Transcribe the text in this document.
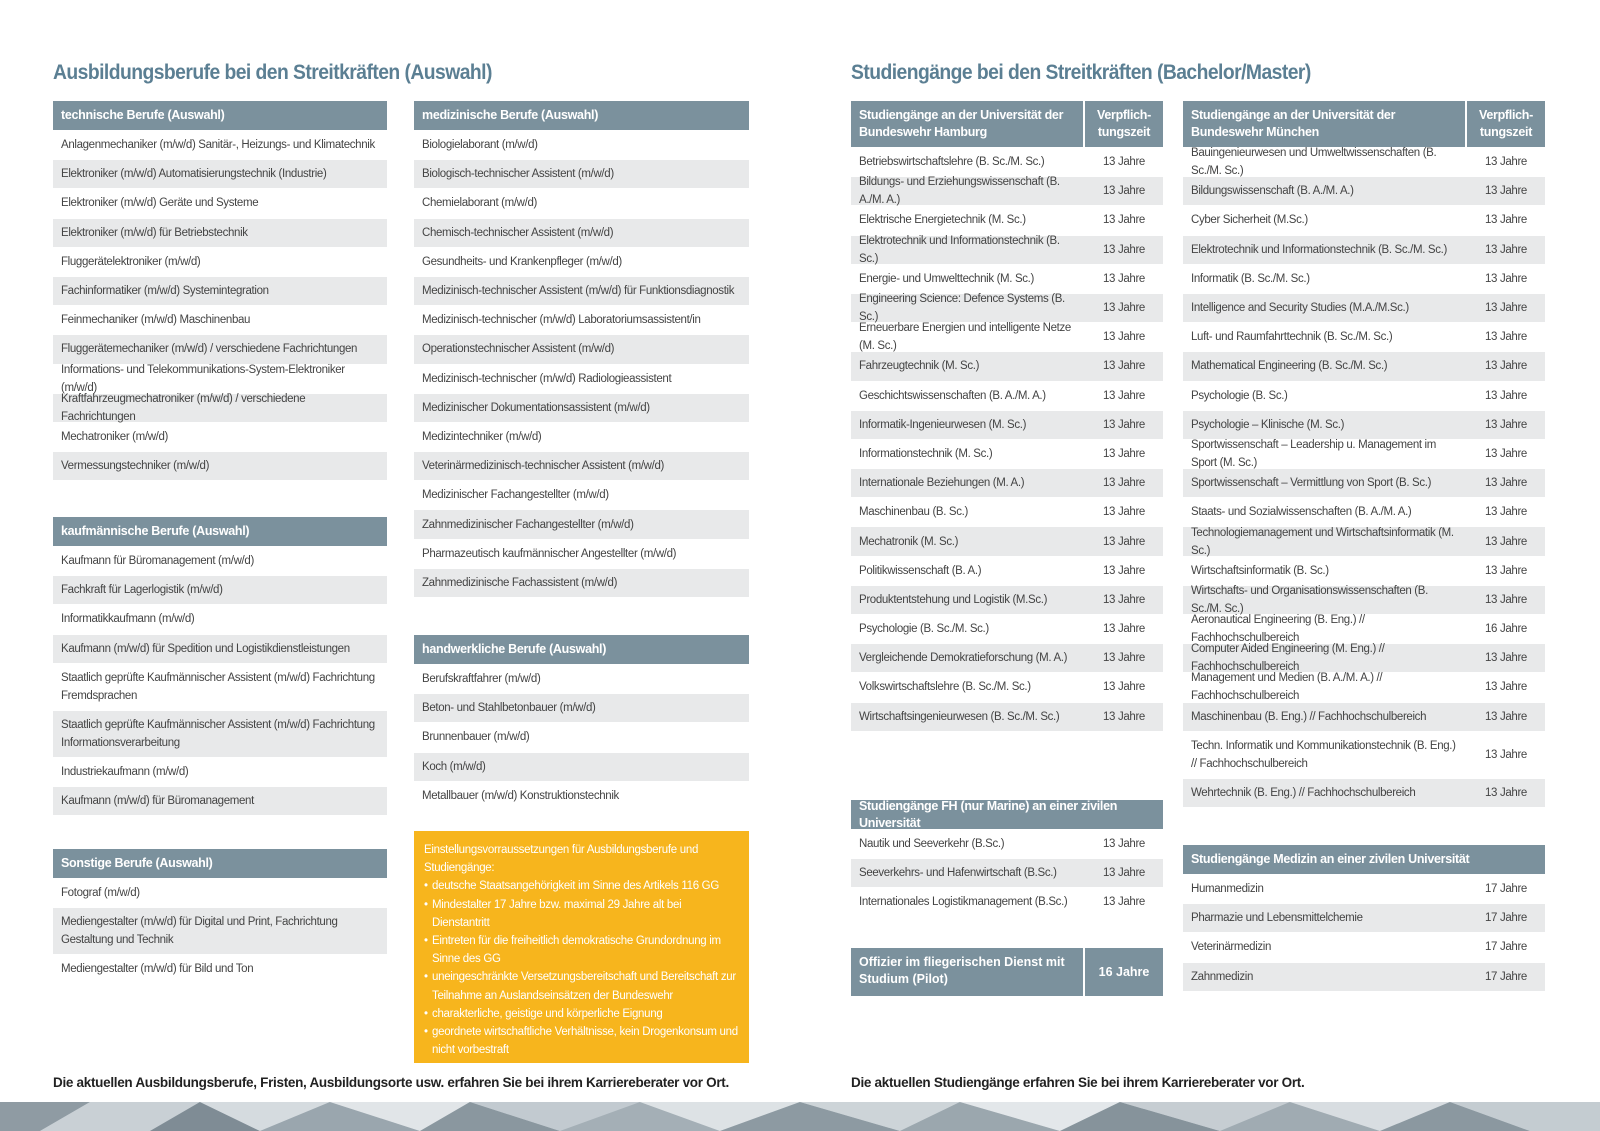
Ausbildungsberufe bei den Streitkräften (Auswahl)
technische Berufe (Auswahl)
Anlagenmechaniker (m/w/d) Sanitär-, Heizungs- und Klimatechnik
Elektroniker (m/w/d) Automatisierungstechnik (Industrie)
Elektroniker (m/w/d) Geräte und Systeme
Elektroniker (m/w/d) für Betriebstechnik
Fluggerätelektroniker (m/w/d)
Fachinformatiker (m/w/d) Systemintegration
Feinmechaniker (m/w/d) Maschinenbau
Fluggerätemechaniker (m/w/d) / verschiedene Fachrichtungen
Informations- und Telekommunikations-System-Elektroniker (m/w/d)
Kraftfahrzeugmechatroniker (m/w/d) / verschiedene Fachrichtungen
Mechatroniker (m/w/d)
Vermessungstechniker (m/w/d)
kaufmännische Berufe (Auswahl)
Kaufmann für Büromanagement (m/w/d)
Fachkraft für Lagerlogistik (m/w/d)
Informatikkaufmann (m/w/d)
Kaufmann (m/w/d) für Spedition und Logistikdienstleistungen
Staatlich geprüfte Kaufmännischer Assistent (m/w/d) Fachrichtung Fremdsprachen
Staatlich geprüfte Kaufmännischer Assistent (m/w/d) Fachrichtung Informationsverarbeitung
Industriekaufmann (m/w/d)
Kaufmann (m/w/d) für Büromanagement
Sonstige Berufe (Auswahl)
Fotograf (m/w/d)
Mediengestalter (m/w/d) für Digital und Print, Fachrichtung Gestaltung und Technik
Mediengestalter (m/w/d) für Bild und Ton
medizinische Berufe (Auswahl)
Biologielaborant (m/w/d)
Biologisch-technischer Assistent (m/w/d)
Chemielaborant (m/w/d)
Chemisch-technischer Assistent (m/w/d)
Gesundheits- und Krankenpfleger (m/w/d)
Medizinisch-technischer Assistent (m/w/d) für Funktionsdiagnostik
Medizinisch-technischer (m/w/d) Laboratoriumsassistent/in
Operationstechnischer Assistent (m/w/d)
Medizinisch-technischer (m/w/d) Radiologieassistent
Medizinischer Dokumentationsassistent (m/w/d)
Medizintechniker (m/w/d)
Veterinärmedizinisch-technischer Assistent (m/w/d)
Medizinischer Fachangestellter (m/w/d)
Zahnmedizinischer Fachangestellter (m/w/d)
Pharmazeutisch kaufmännischer Angestellter (m/w/d)
Zahnmedizinische Fachassistent (m/w/d)
handwerkliche Berufe (Auswahl)
Berufskraftfahrer (m/w/d)
Beton- und Stahlbetonbauer (m/w/d)
Brunnenbauer (m/w/d)
Koch (m/w/d)
Metallbauer (m/w/d) Konstruktionstechnik
Einstellungsvorraussetzungen für Ausbildungsberufe und Studiengänge:
• deutsche Staatsangehörigkeit im Sinne des Artikels 116 GG
• Mindestalter 17 Jahre bzw. maximal 29 Jahre alt bei Dienstantritt
• Eintreten für die freiheitlich demokratische Grundordnung im Sinne des GG
• uneingeschränkte Versetzungsbereitschaft und Bereitschaft zur Teilnahme an Auslandseinsätzen der Bundeswehr
• charakterliche, geistige und körperliche Eignung
• geordnete wirtschaftliche Verhältnisse, kein Drogenkonsum und nicht vorbestraft
Die aktuellen Ausbildungsberufe, Fristen, Ausbildungsorte usw. erfahren Sie bei ihrem Karriereberater vor Ort.
Studiengänge bei den Streitkräften (Bachelor/Master)
Studiengänge an der Universität der Bundeswehr Hamburg
Verpflich-tungszeit
Betriebswirtschaftslehre (B. Sc./M. Sc.)	13 Jahre
Bildungs- und Erziehungswissenschaft (B. A./M. A.)
13 Jahre
Elektrische Energietechnik (M. Sc.)	13 Jahre
Elektrotechnik und Informationstechnik (B. Sc.)
13 Jahre
Energie- und Umwelttechnik (M. Sc.)	13 Jahre
Engineering Science: Defence Systems (B. Sc.)
13 Jahre
Erneuerbare Energien und intelligente Netze (M. Sc.)
13 Jahre
Fahrzeugtechnik (M. Sc.)	13 Jahre
Geschichtswissenschaften (B. A./M. A.)	13 Jahre
Informatik-Ingenieurwesen (M. Sc.)	13 Jahre
Informationstechnik (M. Sc.)	13 Jahre
Internationale Beziehungen (M. A.)	13 Jahre
Maschinenbau (B. Sc.)	13 Jahre
Mechatronik (M. Sc.)	13 Jahre
Politikwissenschaft (B. A.)	13 Jahre
Produktentstehung und Logistik (M.Sc.)	13 Jahre
Psychologie (B. Sc./M. Sc.)	13 Jahre
Vergleichende Demokratieforschung (M. A.)	13 Jahre
Volkswirtschaftslehre (B. Sc./M. Sc.)	13 Jahre
Wirtschaftsingenieurwesen (B. Sc./M. Sc.)	13 Jahre
Studiengänge an der Universität der Bundeswehr München
Verpflich-tungszeit
Bauingenieurwesen und Umweltwissenschaften (B. Sc./M. Sc.)
13 Jahre
Bildungswissenschaft (B. A./M. A.)	13 Jahre
Cyber Sicherheit (M.Sc.)	13 Jahre
Elektrotechnik und Informationstechnik (B. Sc./M. Sc.)	13 Jahre
Informatik (B. Sc./M. Sc.)	13 Jahre
Intelligence and Security Studies (M.A./M.Sc.)	13 Jahre
Luft- und Raumfahrttechnik (B. Sc./M. Sc.)	13 Jahre
Mathematical Engineering (B. Sc./M. Sc.)	13 Jahre
Psychologie (B. Sc.)	13 Jahre
Psychologie – Klinische (M. Sc.)	13 Jahre
Sportwissenschaft – Leadership u. Management im Sport (M. Sc.)
13 Jahre
Sportwissenschaft – Vermittlung von Sport (B. Sc.)	13 Jahre
Staats- und Sozialwissenschaften (B. A./M. A.)	13 Jahre
Technologiemanagement und Wirtschaftsinformatik (M. Sc.)
13 Jahre
Wirtschaftsinformatik (B. Sc.)	13 Jahre
Wirtschafts- und Organisationswissenschaften (B. Sc./M. Sc.)
13 Jahre
Aeronautical Engineering (B. Eng.) // Fachhochschulbereich
16 Jahre
Computer Aided Engineering (M. Eng.) // Fachhochschulbereich
13 Jahre
Management und Medien (B. A./M. A.) // Fachhochschulbereich
13 Jahre
Maschinenbau (B. Eng.) // Fachhochschulbereich	13 Jahre
Techn. Informatik und Kommunikationstechnik (B. Eng.) // Fachhochschulbereich
13 Jahre
Wehrtechnik (B. Eng.) // Fachhochschulbereich	13 Jahre
Studiengänge FH (nur Marine) an einer zivilen Universität
Nautik und Seeverkehr (B.Sc.)	13 Jahre
Seeverkehrs- und Hafenwirtschaft (B.Sc.)	13 Jahre
Internationales Logistikmanagement (B.Sc.)	13 Jahre
Offizier im fliegerischen Dienst mit Studium (Pilot)	16 Jahre
Studiengänge Medizin an einer zivilen Universität
Humanmedizin	17 Jahre
Pharmazie und Lebensmittelchemie	17 Jahre
Veterinärmedizin	17 Jahre
Zahnmedizin	17 Jahre
Die aktuellen Studiengänge erfahren Sie bei ihrem Karriereberater vor Ort.
